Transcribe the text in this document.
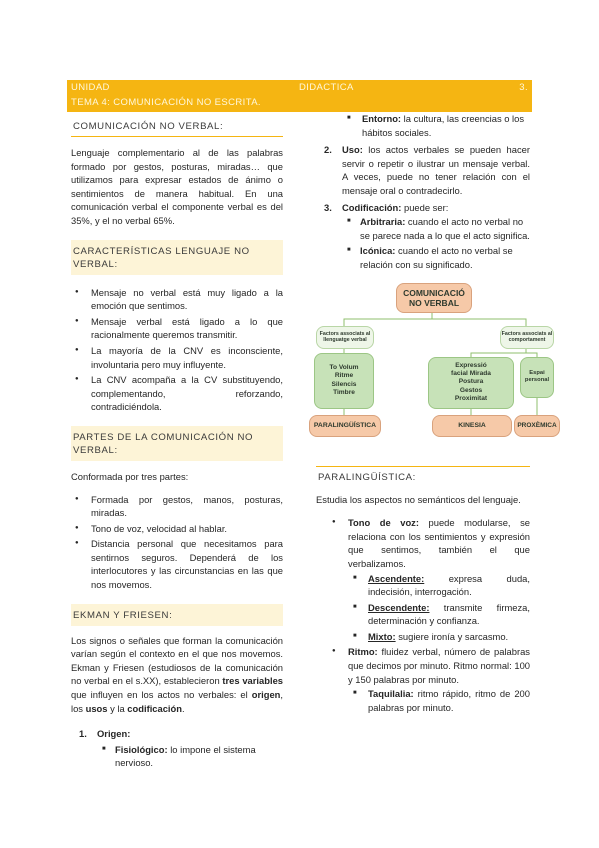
UNIDAD	DIDACTICA	3.
TEMA 4: COMUNICACIÓN NO ESCRITA.
COMUNICACIÓN NO VERBAL:

Lenguaje complementario al de las palabras formado por gestos, posturas, miradas… que utilizamos para expresar estados de ánimo o sentimientos de manera habitual. En una comunicación verbal el componente verbal es del 35%, y el no verbal 65%.

CARACTERÍSTICAS LENGUAJE NO VERBAL:
● Mensaje no verbal está muy ligado a la emoción que sentimos.
● Mensaje verbal está ligado a lo que racionalmente queremos transmitir.
● La mayoría de la CNV es inconsciente, involuntaria pero muy influyente.
● La CNV acompaña a la CV substituyendo, complementando, reforzando, contradiciéndola.
PARTES DE LA COMUNICACIÓN NO VERBAL:

Conformada por tres partes:

● Formada por gestos, manos, posturas, miradas.
● Tono de voz, velocidad al hablar.
● Distancia personal que necesitamos para sentirnos seguros. Dependerá de los interlocutores y las circunstancias en las que nos movemos.
EKMAN Y FRIESEN:

Los signos o señales que forman la comunicación varían según el contexto en el que nos movemos. Ekman y Friesen (estudiosos de la comunicación no verbal en el s.XX), establecieron tres variables que influyen en los actos no verbales: el origen, los usos y la codificación.

1. Origen:
■ Fisiológico: lo impone el sistema nervioso.
■ Entorno: la cultura, las creencias o los hábitos sociales.
2. Uso: los actos verbales se pueden hacer servir o repetir o ilustrar un mensaje verbal. A veces, puede no tener relación con el mensaje oral o contradecirlo.
3. Codificación: puede ser:
■ Arbitraria: cuando el acto no verbal no se parece nada a lo que el acto significa.
■ Icónica: cuando el acto no verbal se relación con su significado.
COMUNICACIÓ NO VERBAL
Factors associats al llenguatge verbal
Factors associats al comportament
To Volum Ritme Silencis Timbre
Expressió facial Mirada Postura Gestos Proximitat
Espai personal
PARALINGÜÍSTICA	KINESIA	PROXÈMICA
PARALINGÜÍSTICA:

Estudia los aspectos no semánticos del lenguaje.

● Tono de voz: puede modularse, se relaciona con los sentimientos y expresión que sentimos, también el que verbalizamos.
■ Ascendente: expresa duda, indecisión, interrogación.
■ Descendente: transmite firmeza, determinación y confianza.
■ Mixto: sugiere ironía y sarcasmo.
● Ritmo: fluidez verbal, número de palabras que decimos por minuto. Ritmo normal: 100 y 150 palabras por minuto.
■ Taquilalia: ritmo rápido, ritmo de 200 palabras por minuto.
